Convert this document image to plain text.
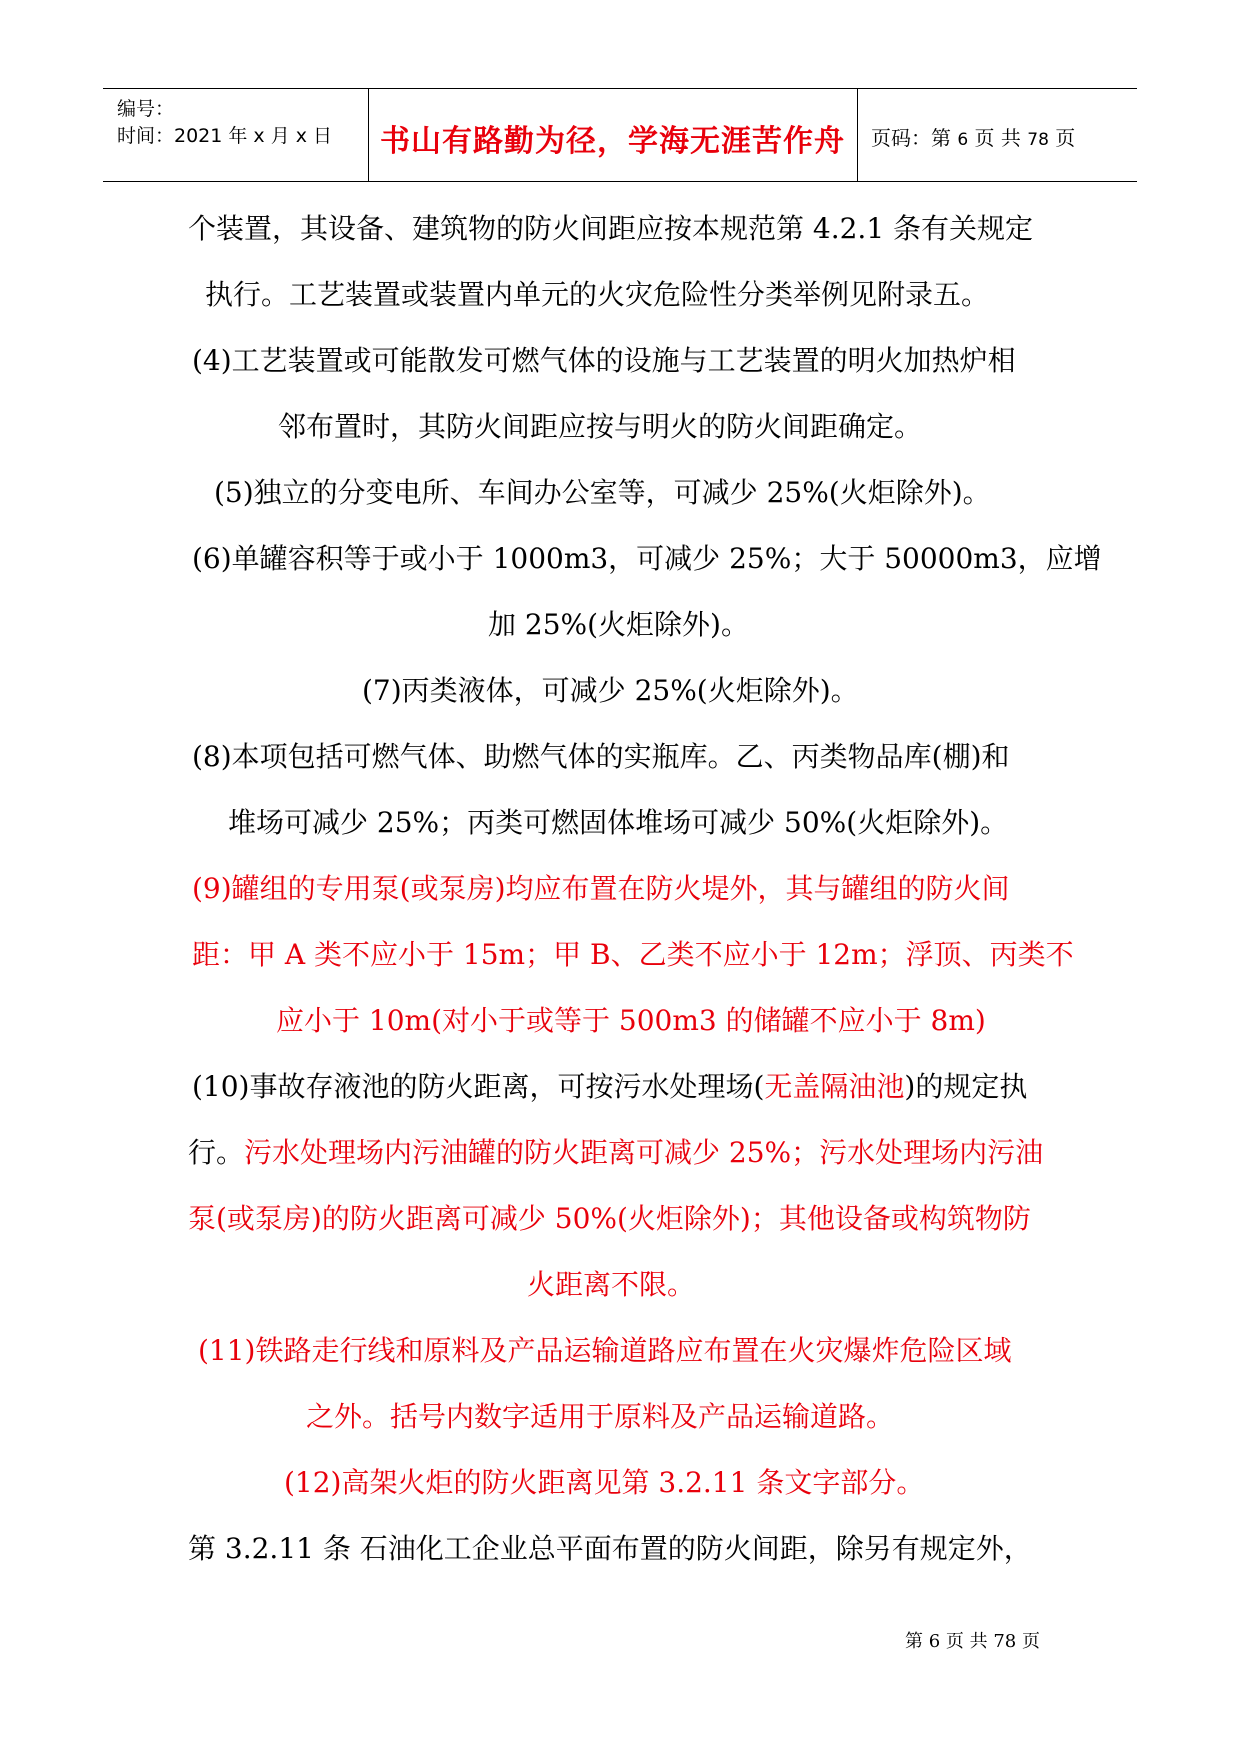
编号：
时间：2021 年 x 月 x 日	书山有路勤为径，学海无涯苦作舟	页码：第 6 页 共 78 页
个装置，其设备、建筑物的防火间距应按本规范第 4.2.1 条有关规定
执行。工艺装置或装置内单元的火灾危险性分类举例见附录五。
(4)工艺装置或可能散发可燃气体的设施与工艺装置的明火加热炉相
邻布置时，其防火间距应按与明火的防火间距确定。
(5)独立的分变电所、车间办公室等，可减少 25%(火炬除外)。
(6)单罐容积等于或小于 1000m3，可减少 25%；大于 50000m3，应增
加 25%(火炬除外)。
(7)丙类液体，可减少 25%(火炬除外)。
(8)本项包括可燃气体、助燃气体的实瓶库。乙、丙类物品库(棚)和
堆场可减少 25%；丙类可燃固体堆场可减少 50%(火炬除外)。
(9)罐组的专用泵(或泵房)均应布置在防火堤外，其与罐组的防火间
距：甲 A 类不应小于 15m；甲 B、乙类不应小于 12m；浮顶、丙类不
应小于 10m(对小于或等于 500m3 的储罐不应小于 8m)
(10)事故存液池的防火距离，可按污水处理场(无盖隔油池)的规定执
行。污水处理场内污油罐的防火距离可减少 25%；污水处理场内污油
泵(或泵房)的防火距离可减少 50%(火炬除外)；其他设备或构筑物防
火距离不限。
(11)铁路走行线和原料及产品运输道路应布置在火灾爆炸危险区域
之外。括号内数字适用于原料及产品运输道路。
(12)高架火炬的防火距离见第 3.2.11 条文字部分。
第 3.2.11 条 石油化工企业总平面布置的防火间距，除另有规定外，
第 6 页 共 78 页
